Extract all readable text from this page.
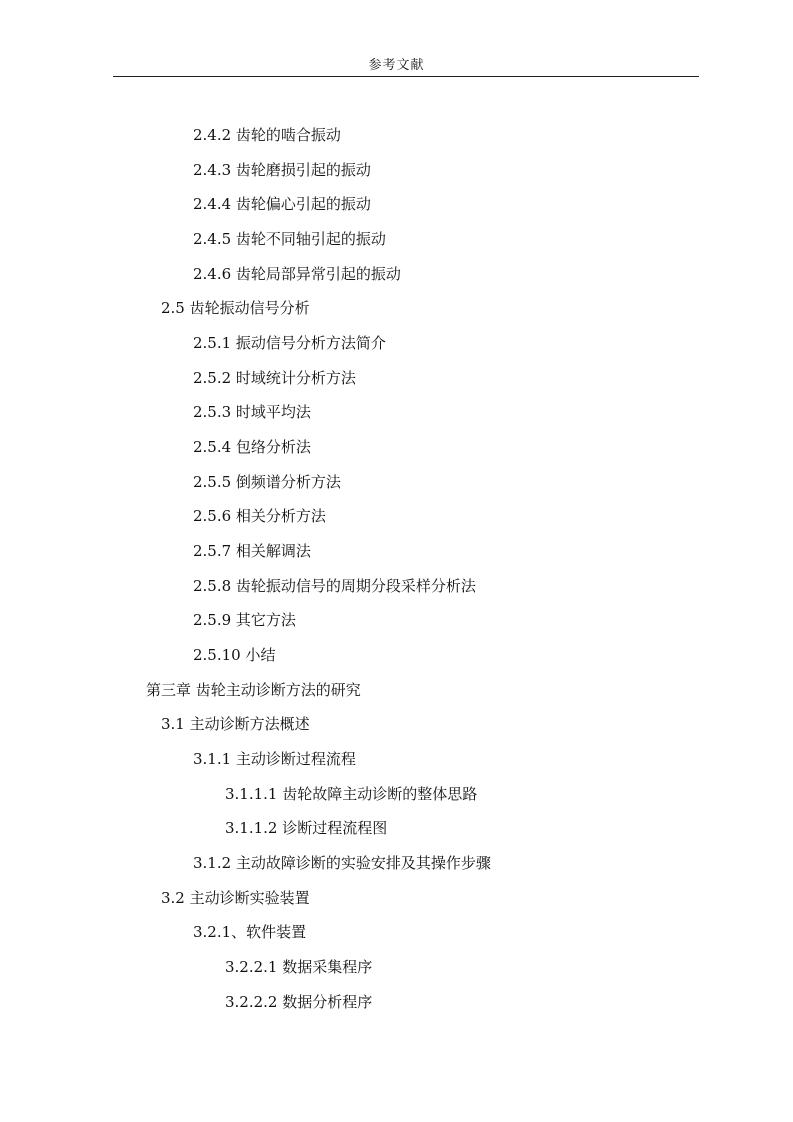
参考文献
2.4.2 齿轮的啮合振动
2.4.3 齿轮磨损引起的振动
2.4.4 齿轮偏心引起的振动
2.4.5 齿轮不同轴引起的振动
2.4.6 齿轮局部异常引起的振动
2.5 齿轮振动信号分析
2.5.1 振动信号分析方法简介
2.5.2 时域统计分析方法
2.5.3 时域平均法
2.5.4 包络分析法
2.5.5 倒频谱分析方法
2.5.6 相关分析方法
2.5.7 相关解调法
2.5.8 齿轮振动信号的周期分段采样分析法
2.5.9 其它方法
2.5.10 小结
第三章 齿轮主动诊断方法的研究
3.1 主动诊断方法概述
3.1.1 主动诊断过程流程
3.1.1.1 齿轮故障主动诊断的整体思路
3.1.1.2 诊断过程流程图
3.1.2 主动故障诊断的实验安排及其操作步骤
3.2 主动诊断实验装置
3.2.1、软件装置
3.2.2.1 数据采集程序
3.2.2.2 数据分析程序
